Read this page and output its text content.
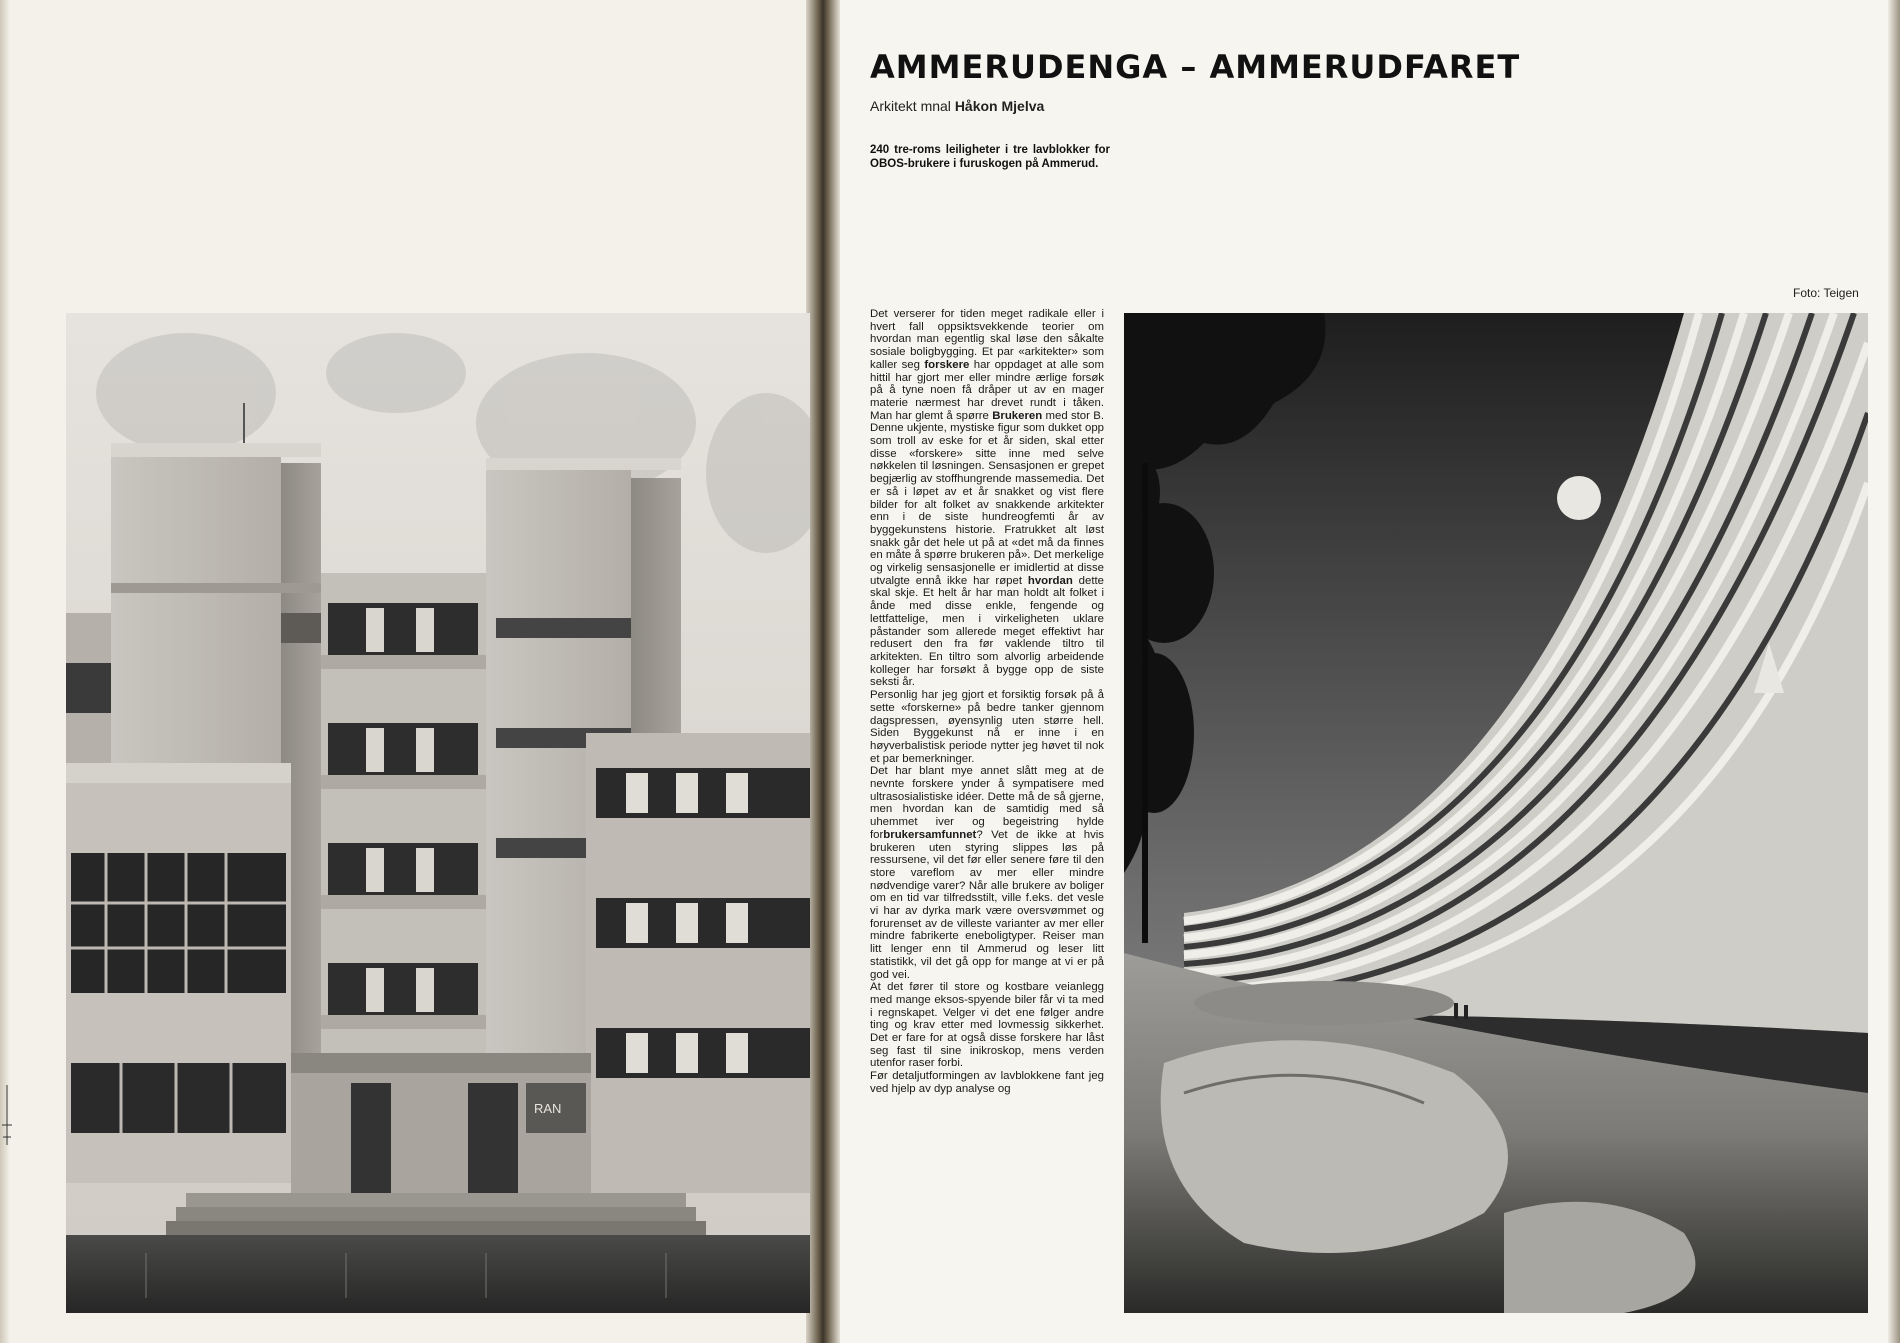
RAN
AMMERUDENGA – AMMERUDFARET
Arkitekt mnal Håkon Mjelva
240 tre-roms leiligheter i tre lavblokker for OBOS-brukere i furuskogen på Ammerud.
Foto: Teigen

Det verserer for tiden meget radikale eller i hvert fall oppsiktsvekkende teorier om hvordan man egentlig skal løse den såkalte sosiale boligbygging. Et par «arkitekter» som kaller seg forskere har oppdaget at alle som hittil har gjort mer eller mindre ærlige forsøk på å tyne noen få dråper ut av en mager materie nærmest har drevet rundt i tåken. Man har glemt å spørre Brukeren med stor B. Denne ukjente, mystiske figur som dukket opp som troll av eske for et år siden, skal etter disse «forskere» sitte inne med selve nøkkelen til løsningen. Sensasjonen er grepet begjærlig av stoffhungrende massemedia. Det er så i løpet av et år snakket og vist flere bilder for alt folket av snakkende arkitekter enn i de siste hundreogfemti år av byggekunstens historie. Fratrukket alt løst snakk går det hele ut på at «det må da finnes en måte å spørre brukeren på». Det merkelige og virkelig sensasjonelle er imidlertid at disse utvalgte ennå ikke har røpet hvordan dette skal skje. Et helt år har man holdt alt folket i ånde med disse enkle, fengende og lettfattelige, men i virkeligheten uklare påstander som allerede meget effektivt har redusert den fra før vaklende tiltro til arkitekten. En tiltro som alvorlig arbeidende kolleger har forsøkt å bygge opp de siste seksti år.

Personlig har jeg gjort et forsiktig forsøk på å sette «forskerne» på bedre tanker gjennom dagspressen, øyensynlig uten større hell. Siden Byggekunst nå er inne i en høyverbalistisk periode nytter jeg høvet til nok et par bemerkninger.

Det har blant mye annet slått meg at de nevnte forskere ynder å sympatisere med ultrasosialistiske idéer. Dette må de så gjerne, men hvordan kan de samtidig med så uhemmet iver og begeistring hylde forbrukersamfunnet? Vet de ikke at hvis brukeren uten styring slippes løs på ressursene, vil det før eller senere føre til den store vareflom av mer eller mindre nødvendige varer? Når alle brukere av boliger om en tid var tilfredsstilt, ville f.eks. det vesle vi har av dyrka mark være oversvømmet og forurenset av de villeste varianter av mer eller mindre fabrikerte eneboligtyper. Reiser man litt lenger enn til Ammerud og leser litt statistikk, vil det gå opp for mange at vi er på god vei.

At det fører til store og kostbare veianlegg med mange eksos-spyende biler får vi ta med i regnskapet. Velger vi det ene følger andre ting og krav etter med lovmessig sikkerhet. Det er fare for at også disse forskere har låst seg fast til sine inikroskop, mens verden utenfor raser forbi.

Før detaljutformingen av lavblokkene fant jeg ved hjelp av dyp analyse og
